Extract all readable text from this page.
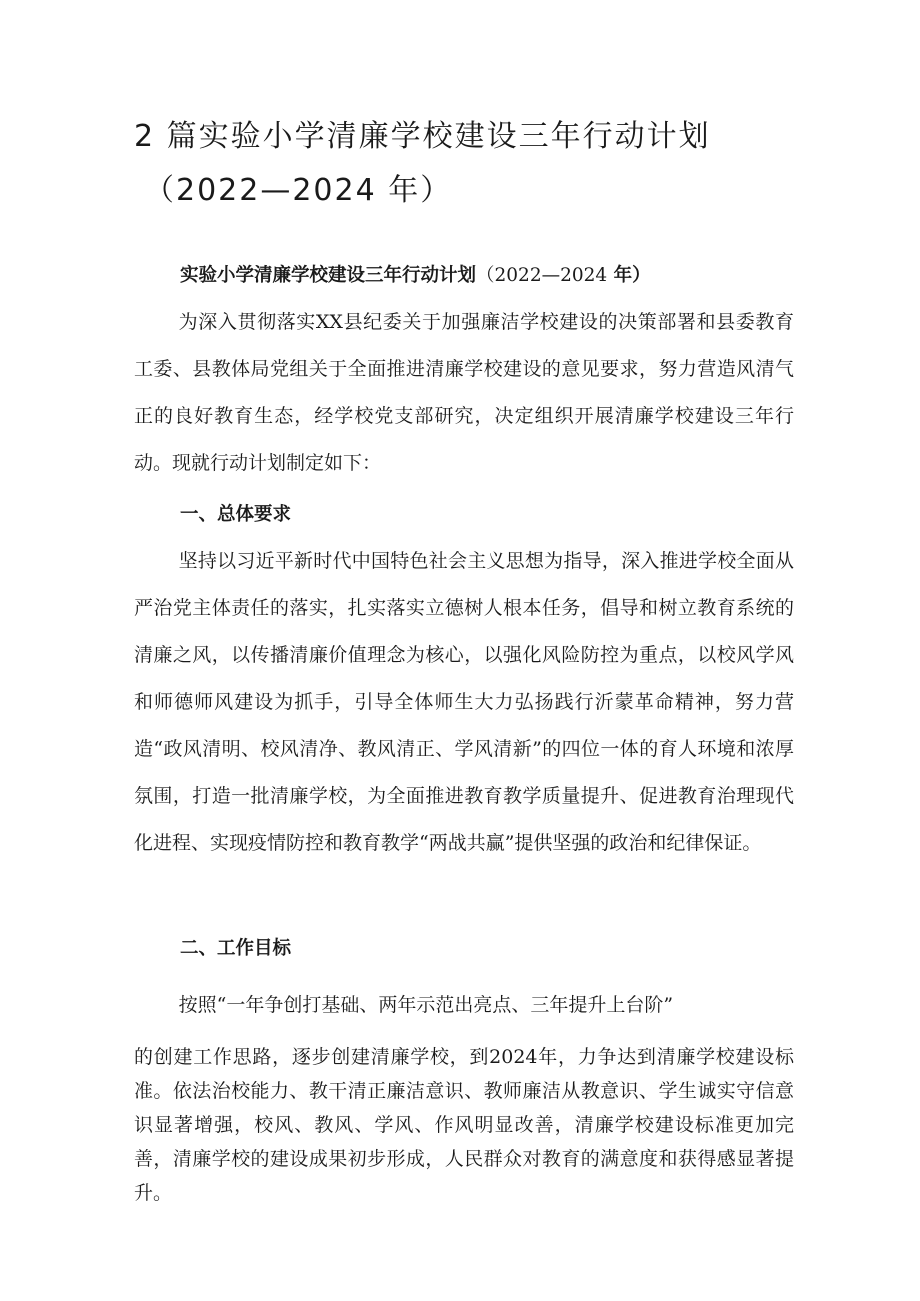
2 篇实验小学清廉学校建设三年行动计划
（2022—2024 年）

实验小学清廉学校建设三年行动计划（2022—2024 年）

为深入贯彻落实XX县纪委关于加强廉洁学校建设的决策部署和县委教育工委、县教体局党组关于全面推进清廉学校建设的意见要求，努力营造风清气正的良好教育生态，经学校党支部研究，决定组织开展清廉学校建设三年行动。现就行动计划制定如下：

一、总体要求

坚持以习近平新时代中国特色社会主义思想为指导，深入推进学校全面从严治党主体责任的落实，扎实落实立德树人根本任务，倡导和树立教育系统的清廉之风，以传播清廉价值理念为核心，以强化风险防控为重点，以校风学风和师德师风建设为抓手，引导全体师生大力弘扬践行沂蒙革命精神，努力营造“政风清明、校风清净、教风清正、学风清新”的四位一体的育人环境和浓厚氛围，打造一批清廉学校，为全面推进教育教学质量提升、促进教育治理现代化进程、实现疫情防控和教育教学“两战共赢”提供坚强的政治和纪律保证。

二、工作目标

按照“一年争创打基础、两年示范出亮点、三年提升上台阶”

的创建工作思路，逐步创建清廉学校，到2024年，力争达到清廉学校建设标准。依法治校能力、教干清正廉洁意识、教师廉洁从教意识、学生诚实守信意识显著增强，校风、教风、学风、作风明显改善，清廉学校建设标准更加完善，清廉学校的建设成果初步形成，人民群众对教育的满意度和获得感显著提升。
